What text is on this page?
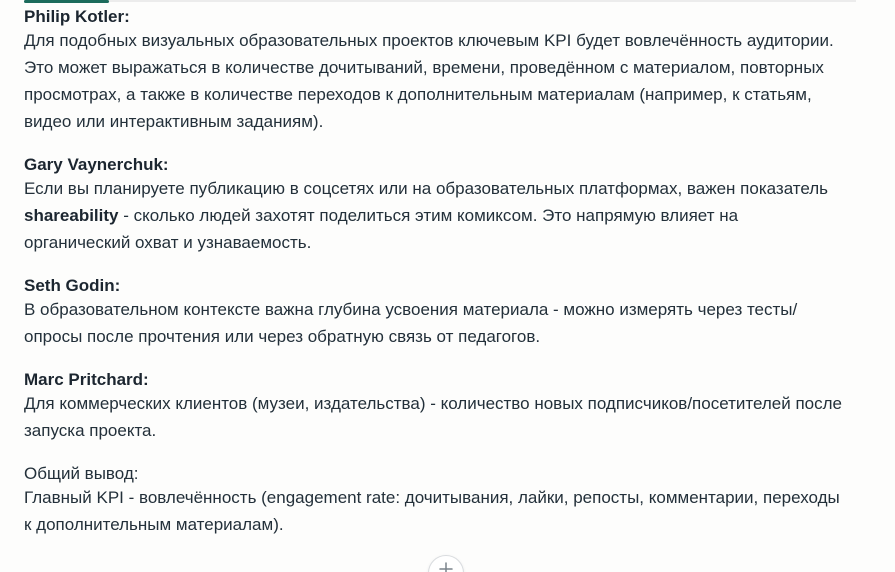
Philip Kotler:
Для подобных визуальных образовательных проектов ключевым KPI будет вовлечённость аудитории. Это может выражаться в количестве дочитываний, времени, проведённом с материалом, повторных просмотрах, а также в количестве переходов к дополнительным материалам (например, к статьям, видео или интерактивным заданиям).
Gary Vaynerchuk:
Если вы планируете публикацию в соцсетях или на образовательных платформах, важен показатель shareability - сколько людей захотят поделиться этим комиксом. Это напрямую влияет на органический охват и узнаваемость.
Seth Godin:
В образовательном контексте важна глубина усвоения материала - можно измерять через тесты/опросы после прочтения или через обратную связь от педагогов.
Marc Pritchard:
Для коммерческих клиентов (музеи, издательства) - количество новых подписчиков/посетителей после запуска проекта.
Общий вывод:
Главный KPI - вовлечённость (engagement rate: дочитывания, лайки, репосты, комментарии, переходы к дополнительным материалам).
